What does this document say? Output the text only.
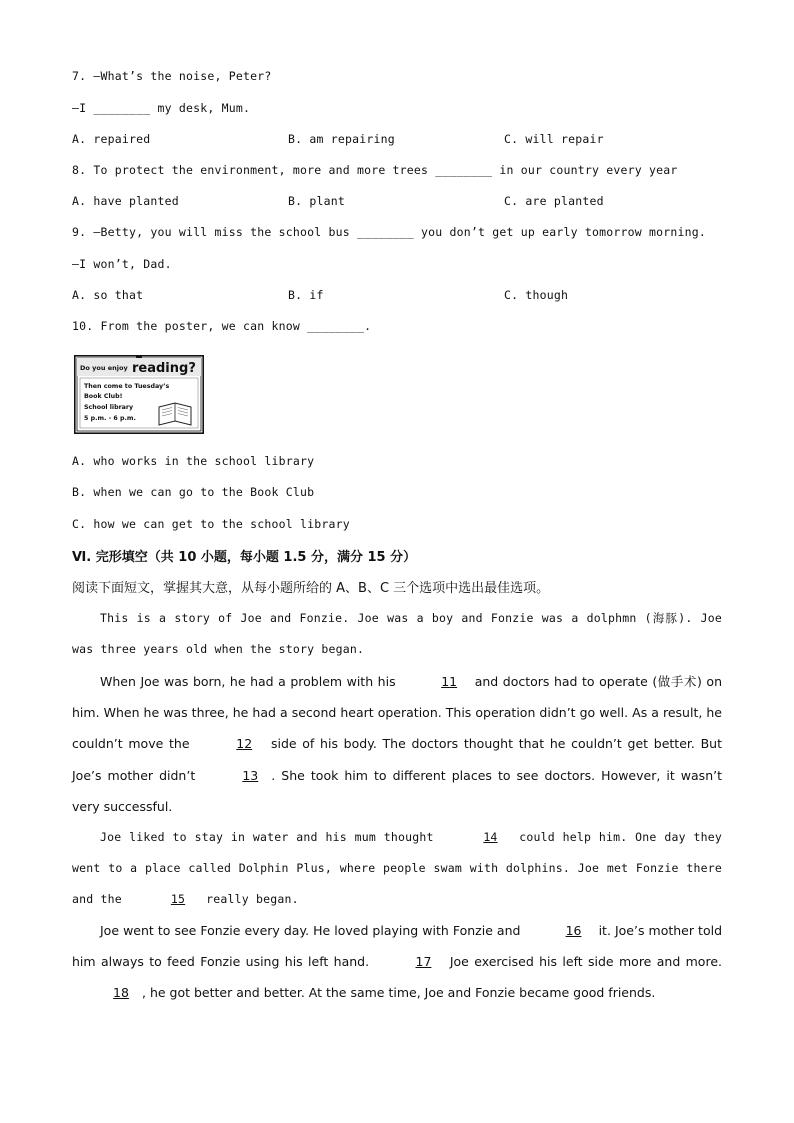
7. —What’s the noise, Peter?
—I ________ my desk, Mum.
A. repaired	B. am repairing	C. will repair
8. To protect the environment, more and more trees ________ in our country every year
A. have planted	B. plant	C. are planted
9. —Betty, you will miss the school bus ________ you don’t get up early tomorrow morning.
—I won’t, Dad.
A. so that	B. if	C. though
10. From the poster, we can know ________.
Do you enjoy reading?
Then come to Tuesday’s
Book Club!
School library
5 p.m. - 6 p.m.
A. who works in the school library
B. when we can go to the Book Club
C. how we can get to the school library
Ⅵ. 完形填空（共 10 小题，每小题 1.5 分，满分 15 分）
阅读下面短文，掌握其大意，从每小题所给的 A、B、C 三个选项中选出最佳选项。
This is a story of Joe and Fonzie. Joe was a boy and Fonzie was a dolphmn (海豚). Joe was three years old when the story began.
When Joe was born, he had a problem with his	11 and doctors had to operate (做手术) on him. When he was three, he had a second heart operation. This operation didn’t go well. As a result, he couldn’t move the	12 side of his body. The doctors thought that he couldn’t get better. But Joe’s mother didn’t	13 . She took him to different places to see doctors. However, it wasn’t very successful.
Joe liked to stay in water and his mum thought	14 could help him. One day they went to a place called Dolphin Plus, where people swam with dolphins. Joe met Fonzie there and the	15 really began.
Joe went to see Fonzie every day. He loved playing with Fonzie and	16 it. Joe’s mother told him always to feed Fonzie using his left hand.	17 Joe exercised his left side more and more. 18 , he got better and better. At the same time, Joe and Fonzie became good friends.
